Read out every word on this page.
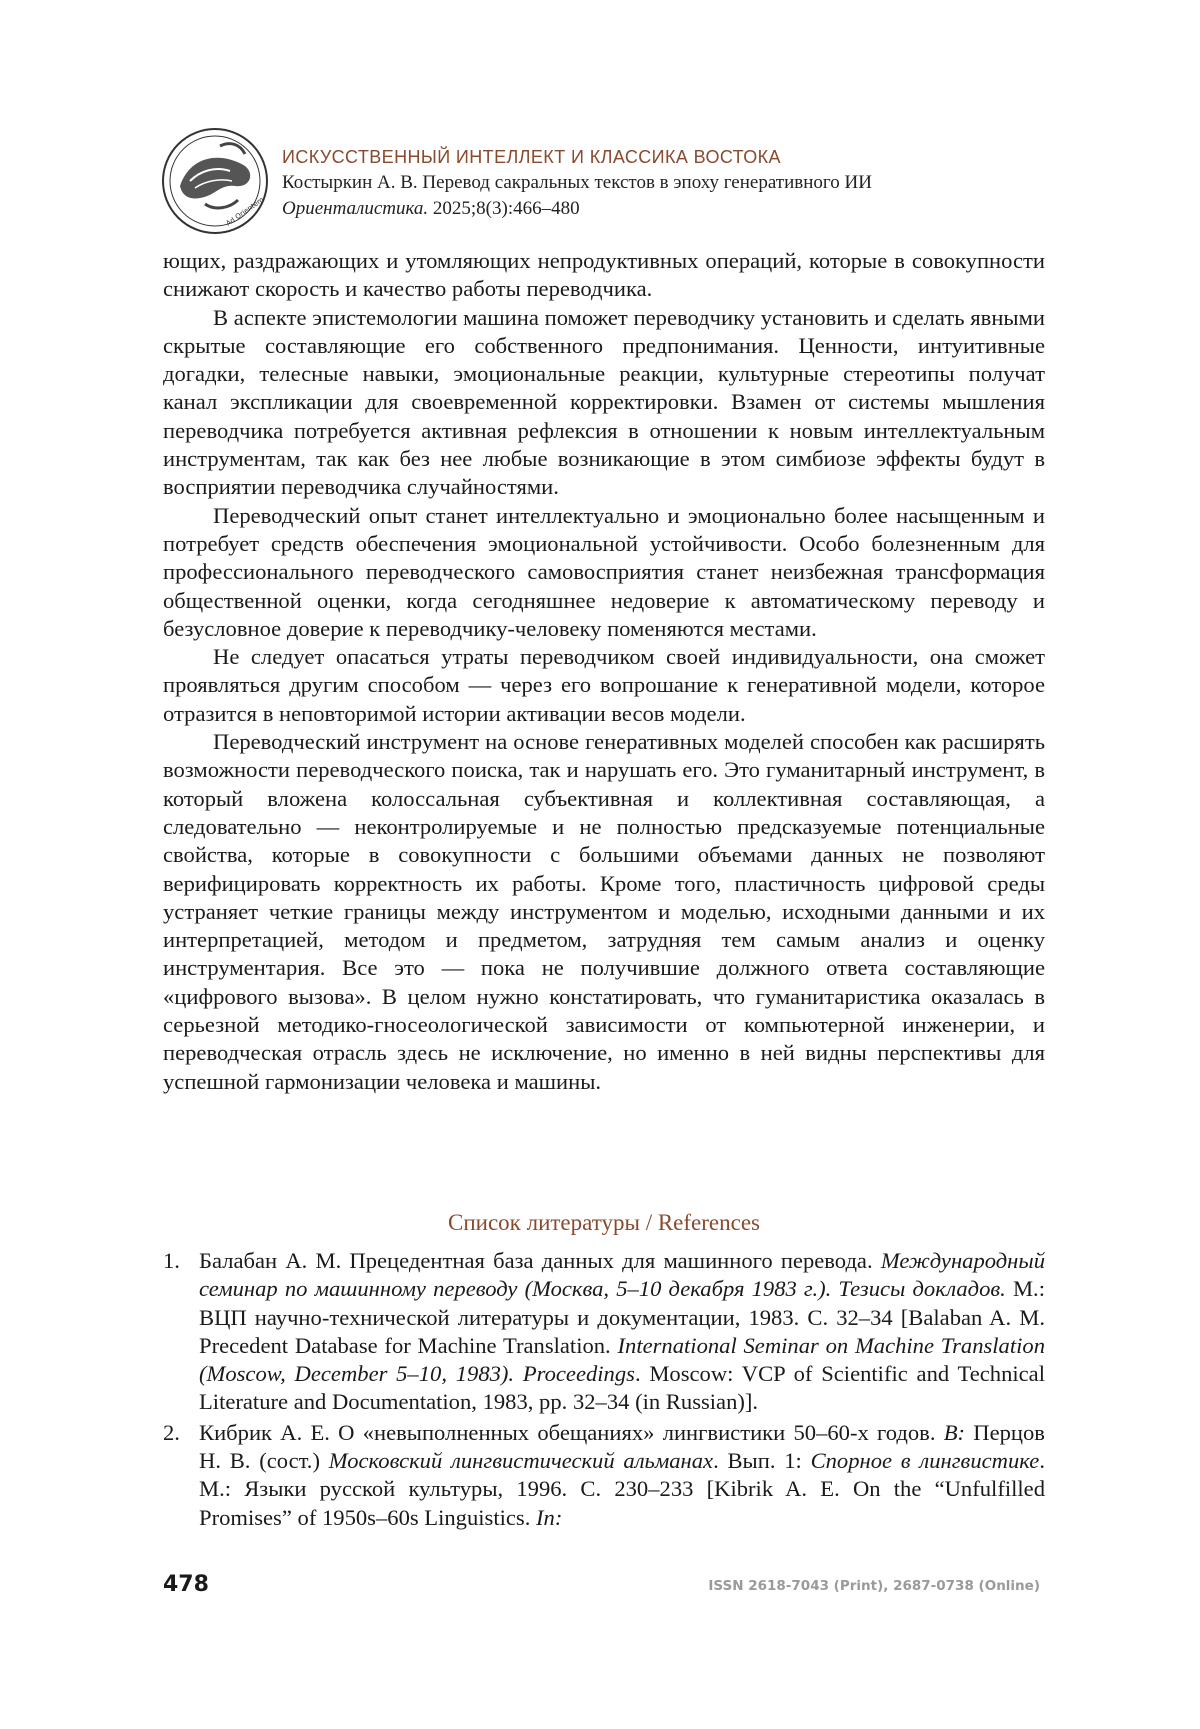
Ad Orientem
ИСКУССТВЕННЫЙ ИНТЕЛЛЕКТ И КЛАССИКА ВОСТОКА
Костыркин А. В. Перевод сакральных текстов в эпоху генеративного ИИ
Ориенталистика. 2025;8(3):466–480

ющих, раздражающих и утомляющих непродуктивных операций, которые в совокупности снижают скорость и качество работы переводчика.

В аспекте эпистемологии машина поможет переводчику установить и сделать явными скрытые составляющие его собственного предпонимания. Ценности, интуитивные догадки, телесные навыки, эмоциональные реакции, культурные стереотипы получат канал экспликации для своевременной корректировки. Взамен от системы мышления переводчика потребуется активная рефлексия в отношении к новым интеллектуальным инструментам, так как без нее любые возникающие в этом симбиозе эффекты будут в восприятии переводчика случайностями.

Переводческий опыт станет интеллектуально и эмоционально более насыщенным и потребует средств обеспечения эмоциональной устойчивости. Особо болезненным для профессионального переводческого самовосприятия станет неизбежная трансформация общественной оценки, когда сегодняшнее недоверие к автоматическому переводу и безусловное доверие к переводчику-человеку поменяются местами.

Не следует опасаться утраты переводчиком своей индивидуальности, она сможет проявляться другим способом — через его вопрошание к генеративной модели, которое отразится в неповторимой истории активации весов модели.

Переводческий инструмент на основе генеративных моделей способен как расширять возможности переводческого поиска, так и нарушать его. Это гуманитарный инструмент, в который вложена колоссальная субъективная и коллективная составляющая, а следовательно — неконтролируемые и не полностью предсказуемые потенциальные свойства, которые в совокупности с большими объемами данных не позволяют верифицировать корректность их работы. Кроме того, пластичность цифровой среды устраняет четкие границы между инструментом и моделью, исходными данными и их интерпретацией, методом и предметом, затрудняя тем самым анализ и оценку инструментария. Все это — пока не получившие должного ответа составляющие «цифрового вызова». В целом нужно констатировать, что гуманитаристика оказалась в серьезной методико-гносеологической зависимости от компьютерной инженерии, и переводческая отрасль здесь не исключение, но именно в ней видны перспективы для успешной гармонизации человека и машины.

Список литературы / References
1. Балабан А. М. Прецедентная база данных для машинного перевода. Международный семинар по машинному переводу (Москва, 5–10 декабря 1983 г.). Тезисы докладов. М.: ВЦП научно-технической литературы и документации, 1983. С. 32–34 [Balaban A. M. Precedent Database for Machine Translation. International Seminar on Machine Translation (Moscow, December 5–10, 1983). Proceedings. Moscow: VCP of Scientific and Technical Literature and Documentation, 1983, pp. 32–34 (in Russian)].
2. Кибрик А. Е. О «невыполненных обещаниях» лингвистики 50–60-х годов. В: Перцов Н. В. (сост.) Московский лингвистический альманах. Вып. 1: Спорное в лингвистике. М.: Языки русской культуры, 1996. С. 230–233 [Kibrik A. E. On the “Unfulfilled Promises” of 1950s–60s Linguistics. In:
478	ISSN 2618-7043 (Print), 2687-0738 (Online)
